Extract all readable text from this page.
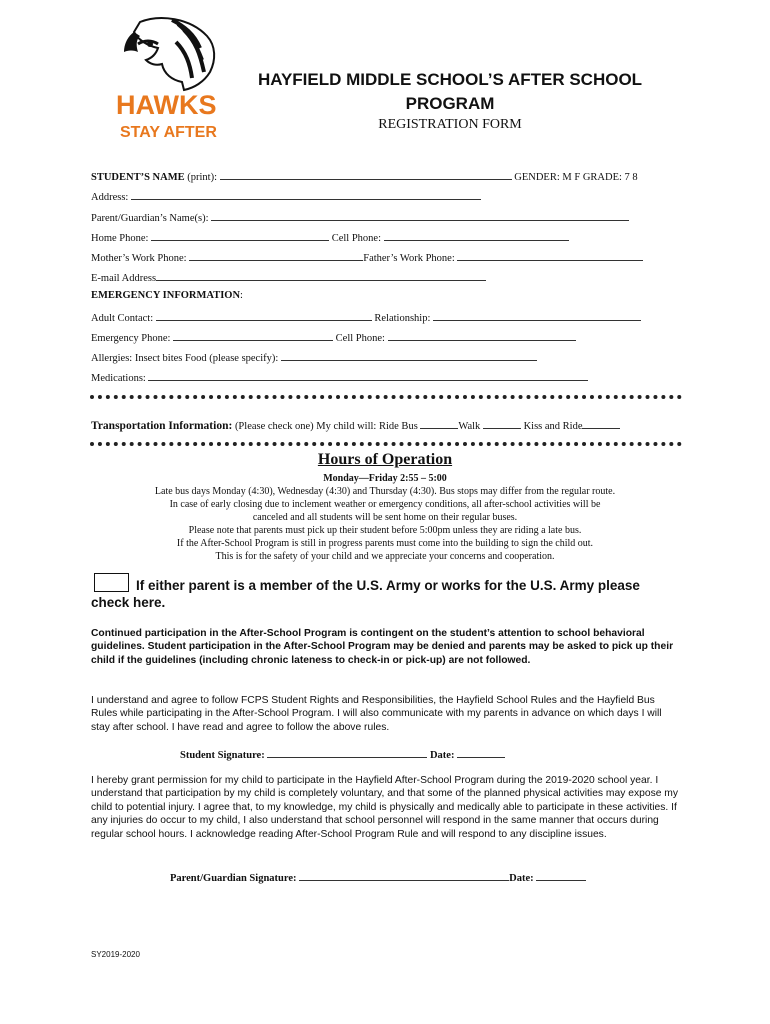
HAWKS
STAY AFTER
HAYFIELD MIDDLE SCHOOL’S AFTER SCHOOL
PROGRAM
REGISTRATION FORM
STUDENT’S NAME (print):	GENDER: M F GRADE: 7 8
Address:
Parent/Guardian’s Name(s):
Home Phone:	Cell Phone:
Mother’s Work Phone:	Father’s Work Phone:
E-mail Address
EMERGENCY INFORMATION:
Adult Contact:	Relationship:
Emergency Phone:	Cell Phone:
Allergies: Insect bites Food (please specify):
Medications:
Transportation Information: (Please check one) My child will: Ride Bus	Walk	Kiss and Ride
Hours of Operation
Monday—Friday 2:55 – 5:00
Late bus days Monday (4:30), Wednesday (4:30) and Thursday (4:30). Bus stops may differ from the regular route.
In case of early closing due to inclement weather or emergency conditions, all after-school activities will be
canceled and all students will be sent home on their regular buses.
Please note that parents must pick up their student before 5:00pm unless they are riding a late bus.
If the After-School Program is still in progress parents must come into the building to sign the child out.
This is for the safety of your child and we appreciate your concerns and cooperation.
If either parent is a member of the U.S. Army or works for the U.S. Army please check here.
Continued participation in the After-School Program is contingent on the student’s attention to school behavioral guidelines. Student participation in the After-School Program may be denied and parents may be asked to pick up their child if the guidelines (including chronic lateness to check-in or pick-up) are not followed.
I understand and agree to follow FCPS Student Rights and Responsibilities, the Hayfield School Rules and the Hayfield Bus Rules while participating in the After-School Program. I will also communicate with my parents in advance on which days I will stay after school. I have read and agree to follow the above rules.
Student Signature:	Date:
I hereby grant permission for my child to participate in the Hayfield After-School Program during the 2019-2020 school year. I understand that participation by my child is completely voluntary, and that some of the planned physical activities may expose my child to potential injury. I agree that, to my knowledge, my child is physically and medically able to participate in these activities. If any injuries do occur to my child, I also understand that school personnel will respond in the same manner that occurs during regular school hours. I acknowledge reading After-School Program Rule and will respond to any discipline issues.
Parent/Guardian Signature:	Date:
SY2019-2020
